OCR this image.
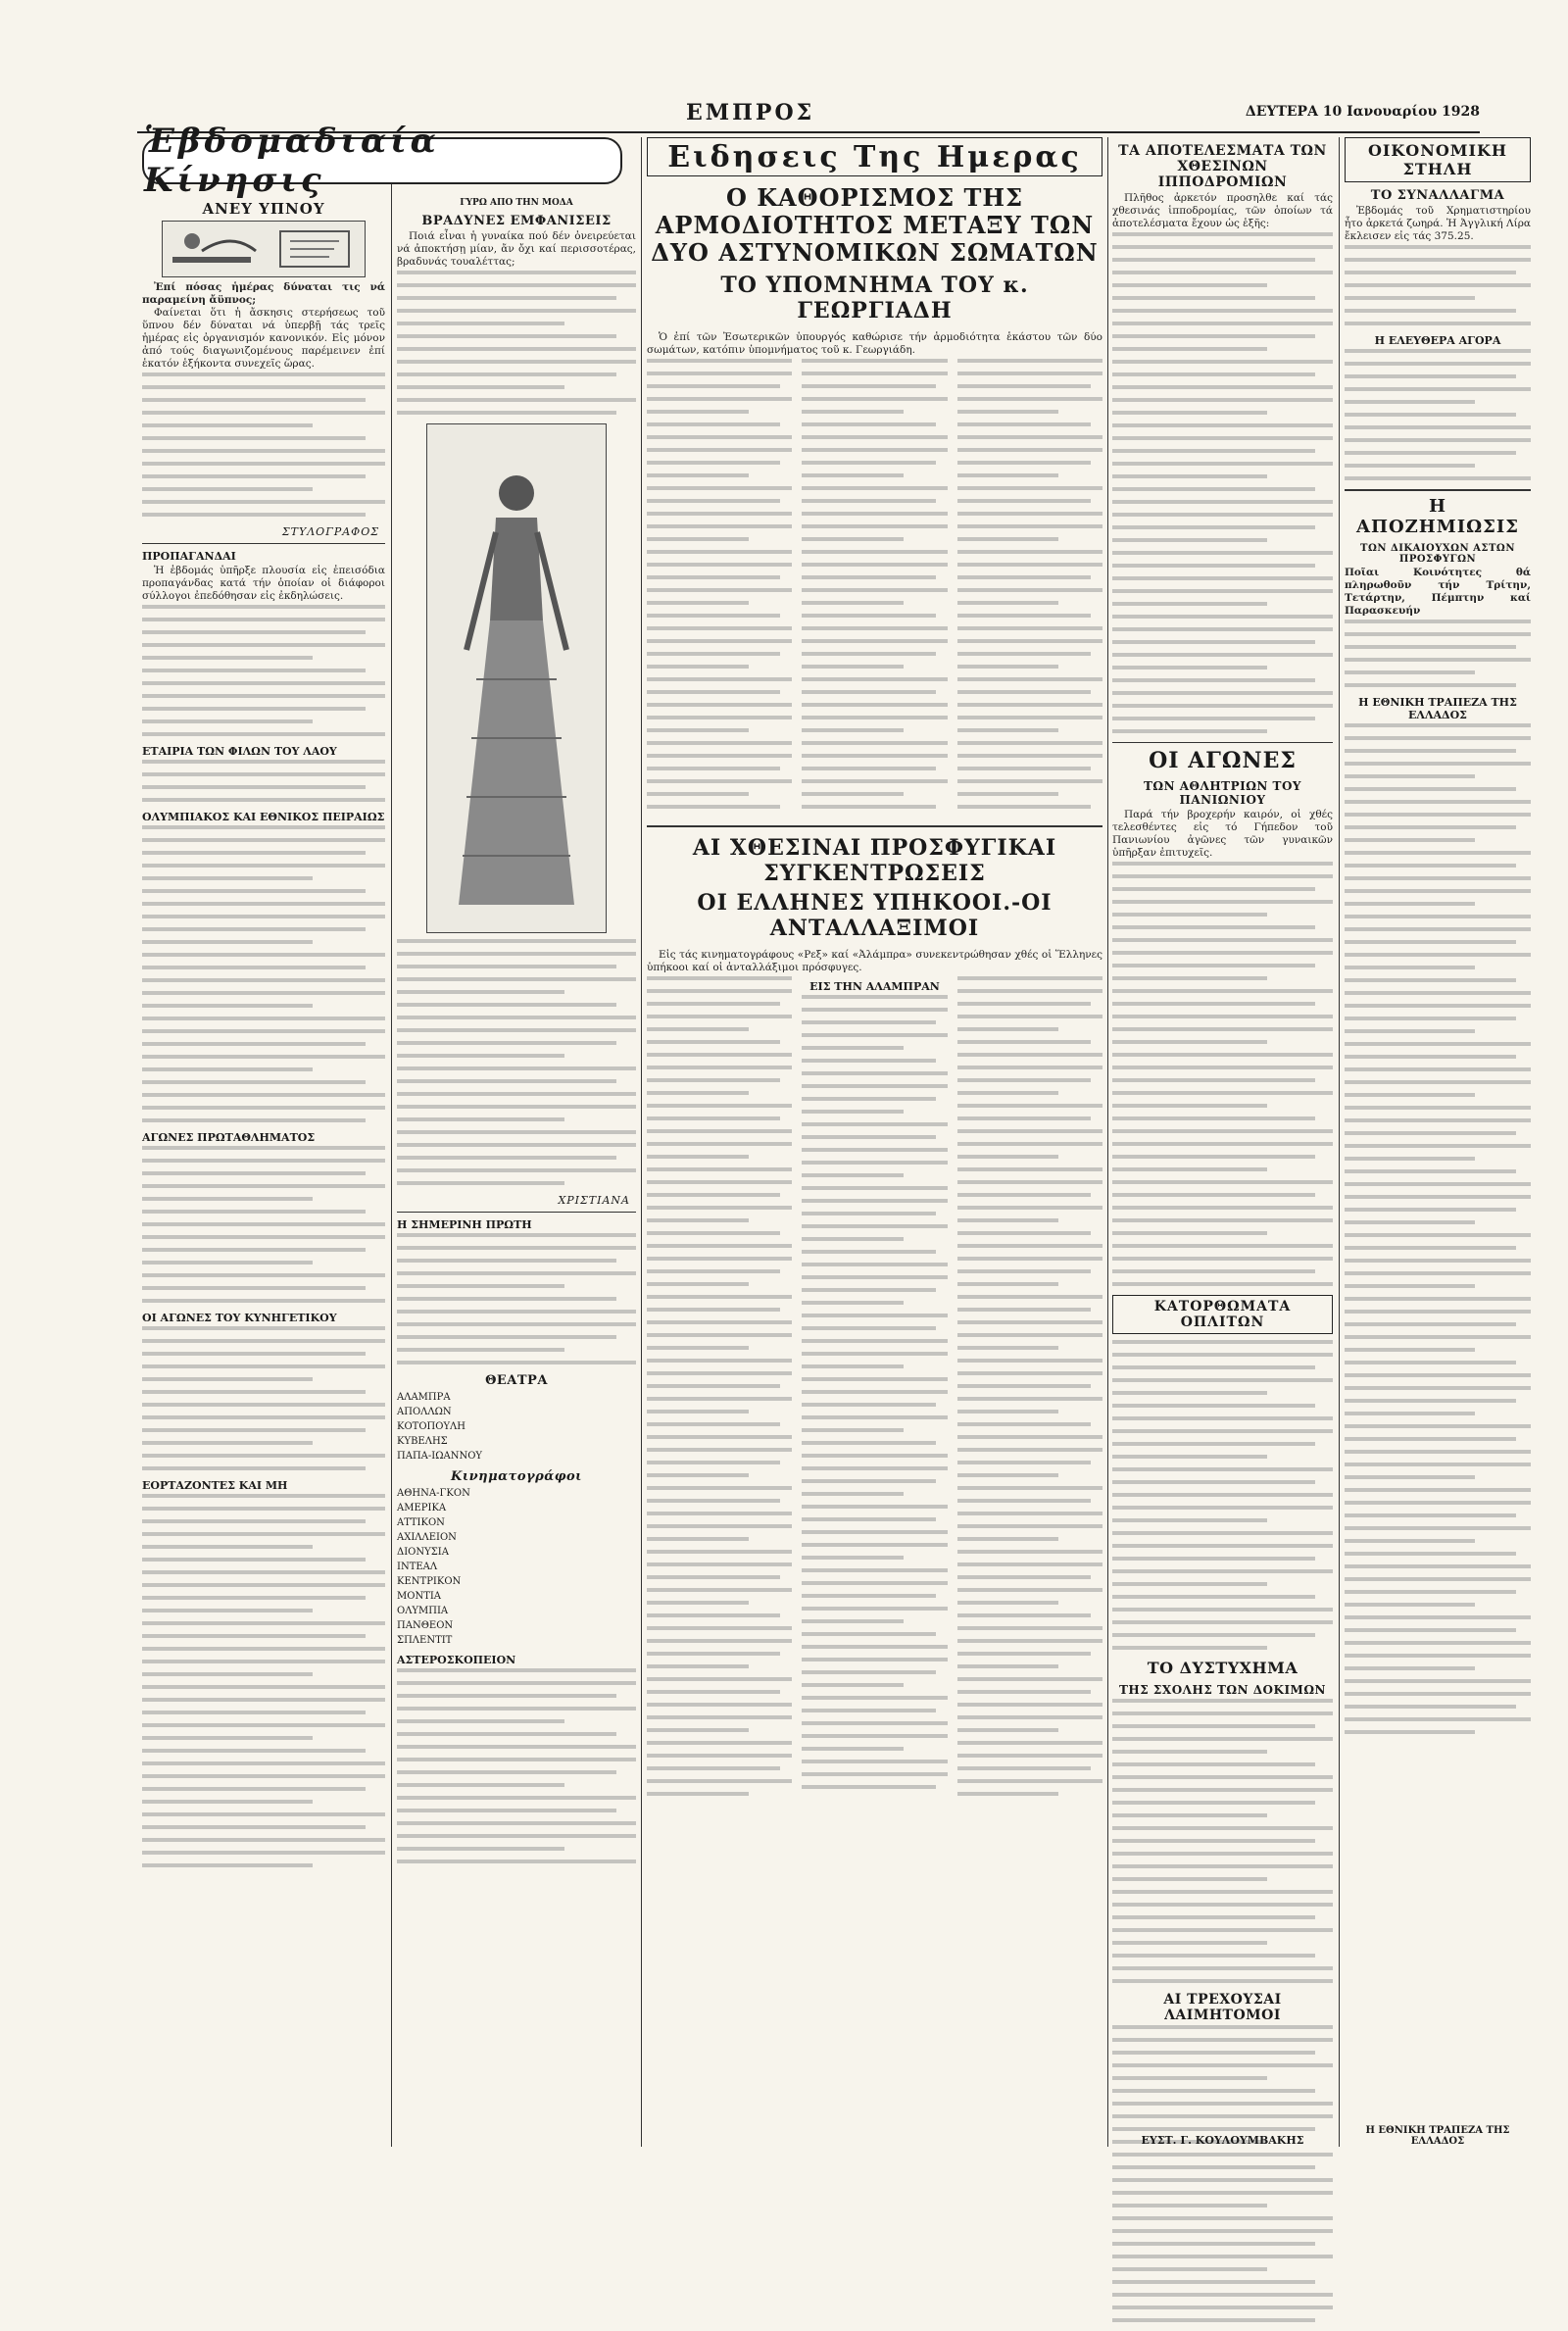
ΕΜΠΡΟΣ	ΔΕΥΤΕΡΑ 10 Ιανουαρίου 1928
Ἑβδομαδιαία Κίνησις
ΑΝΕΥ ΥΠΝΟΥ

Ἐπί πόσας ἡμέρας δύναται τις νά παραμείνη ἄϋπνος;

Φαίνεται ὅτι ἡ ἄσκησις στερήσεως τοῦ ὕπνου δέν δύναται νά ὑπερβῇ τάς τρεῖς ἡμέρας εἰς ὀργανισμόν κανονικόν. Εἰς μόνον ἀπό τούς διαγωνιζομένους παρέμεινεν ἐπί ἑκατόν ἑξήκοντα συνεχεῖς ὥρας.

ΣΤΥΛΟΓΡΑΦΟΣ
ΠΡΟΠΑΓΑΝΔΑΙ

Ἡ ἑβδομάς ὑπῆρξε πλουσία εἰς ἐπεισόδια προπαγάνδας κατά τήν ὁποίαν οἱ διάφοροι σύλλογοι ἐπεδόθησαν εἰς ἐκδηλώσεις.

ΕΤΑΙΡΙΑ ΤΩΝ ΦΙΛΩΝ ΤΟΥ ΛΑΟΥ
ΟΛΥΜΠΙΑΚΟΣ ΚΑΙ ΕΘΝΙΚΟΣ ΠΕΙΡΑΙΩΣ
ΑΓΩΝΕΣ ΠΡΩΤΑΘΛΗΜΑΤΟΣ
ΟΙ ΑΓΩΝΕΣ ΤΟΥ ΚΥΝΗΓΕΤΙΚΟΥ
ΕΟΡΤΑΖΟΝΤΕΣ ΚΑΙ ΜΗ
ΓΥΡΩ ΑΠΟ ΤΗΝ ΜΟΔΑ
ΒΡΑΔΥΝΕΣ ΕΜΦΑΝΙΣΕΙΣ

Ποιά εἶναι ἡ γυναίκα πού δέν ὀνειρεύεται νά ἀποκτήσῃ μίαν, ἄν ὄχι καί περισσοτέρας, βραδυνάς τουαλέττας;

ΧΡΙΣΤΙΑΝΑ
Η ΣΗΜΕΡΙΝΗ ΠΡΩΤΗ
ΘΕΑΤΡΑ
ΑΛΑΜΠΡΑ
ΑΠΟΛΛΩΝ
ΚΟΤΟΠΟΥΛΗ
ΚΥΒΕΛΗΣ
ΠΑΠΑ-ΙΩΑΝΝΟΥ
Κινηματογράφοι
ΑΘΗΝΑ-ΓΚΟΝ
ΑΜΕΡΙΚΑ
ΑΤΤΙΚΟΝ
ΑΧΙΛΛΕΙΟΝ
ΔΙΟΝΥΣΙΑ
ΙΝΤΕΑΛ
ΚΕΝΤΡΙΚΟΝ
ΜΟΝΤΙΑ
ΟΛΥΜΠΙΑ
ΠΑΝΘΕΟΝ
ΣΠΛΕΝΤΙΤ
ΑΣΤΕΡΟΣΚΟΠΕΙΟΝ
Ειδησεις Της Ημερας
Ο ΚΑΘΟΡΙΣΜΟΣ ΤΗΣ ΑΡΜΟΔΙΟΤΗΤΟΣ ΜΕΤΑΞΥ ΤΩΝ ΔΥΟ ΑΣΤΥΝΟΜΙΚΩΝ ΣΩΜΑΤΩΝ
ΤΟ ΥΠΟΜΝΗΜΑ ΤΟΥ κ. ΓΕΩΡΓΙΑΔΗ

Ὁ ἐπί τῶν Ἐσωτερικῶν ὑπουργός καθώρισε τήν ἁρμοδιότητα ἑκάστου τῶν δύο σωμάτων, κατόπιν ὑπομνήματος τοῦ κ. Γεωργιάδη.

ΑΙ ΧΘΕΣΙΝΑΙ ΠΡΟΣΦΥΓΙΚΑΙ ΣΥΓΚΕΝΤΡΩΣΕΙΣ
ΟΙ ΕΛΛΗΝΕΣ ΥΠΗΚΟΟΙ.-ΟΙ ΑΝΤΑΛΛΑΞΙΜΟΙ

Εἰς τάς κινηματογράφους «Ρεξ» καί «Ἀλάμπρα» συνεκεντρώθησαν χθές οἱ Ἕλληνες ὑπήκοοι καί οἱ ἀνταλλάξιμοι πρόσφυγες.

ΕΙΣ ΤΗΝ ΑΛΑΜΠΡΑΝ
ΤΑ ΑΠΟΤΕΛΕΣΜΑΤΑ ΤΩΝ ΧΘΕΣΙΝΩΝ ΙΠΠΟΔΡΟΜΙΩΝ

Πλῆθος ἀρκετόν προσηλθε καί τάς χθεσινάς ἱπποδρομίας, τῶν ὁποίων τά ἀποτελέσματα ἔχουν ὡς ἑξῆς:

ΟΙ ΑΓΩΝΕΣ
ΤΩΝ ΑΘΛΗΤΡΙΩΝ ΤΟΥ ΠΑΝΙΩΝΙΟΥ

Παρά τήν βροχερήν καιρόν, οἱ χθές τελεσθέντες εἰς τό Γήπεδον τοῦ Πανιωνίου ἀγῶνες τῶν γυναικῶν ὑπῆρξαν ἐπιτυχεῖς.

ΚΑΤΟΡΘΩΜΑΤΑ ΟΠΛΙΤΩΝ
ΤΟ ΔΥΣΤΥΧΗΜΑ
ΤΗΣ ΣΧΟΛΗΣ ΤΩΝ ΔΟΚΙΜΩΝ
ΑΙ ΤΡΕΧΟΥΣΑΙ ΛΑΙΜΗΤΟΜΟΙ
ΕΥΣΤ. Γ. ΚΟΥΛΟΥΜΒΑΚΗΣ
ΟΙΚΟΝΟΜΙΚΗ ΣΤΗΛΗ
ΤΟ ΣΥΝΑΛΛΑΓΜΑ

Ἐβδομάς τοῦ Χρηματιστηρίου ἦτο ἀρκετά ζωηρά. Ἡ Ἀγγλική Λίρα ἔκλεισεν εἰς τάς 375.25.

Η ΕΛΕΥΘΕΡΑ ΑΓΟΡΑ
Η ΑΠΟΖΗΜΙΩΣΙΣ
ΤΩΝ ΔΙΚΑΙΟΥΧΩΝ ΑΣΤΩΝ ΠΡΟΣΦΥΓΩΝ

Ποῖαι Κοινότητες θά πληρωθοῦν τήν Τρίτην, Τετάρτην, Πέμπτην καί Παρασκευήν

Η ΕΘΝΙΚΗ ΤΡΑΠΕΖΑ ΤΗΣ ΕΛΛΑΔΟΣ
Η ΕΘΝΙΚΗ ΤΡΑΠΕΖΑ ΤΗΣ ΕΛΛΑΔΟΣ
